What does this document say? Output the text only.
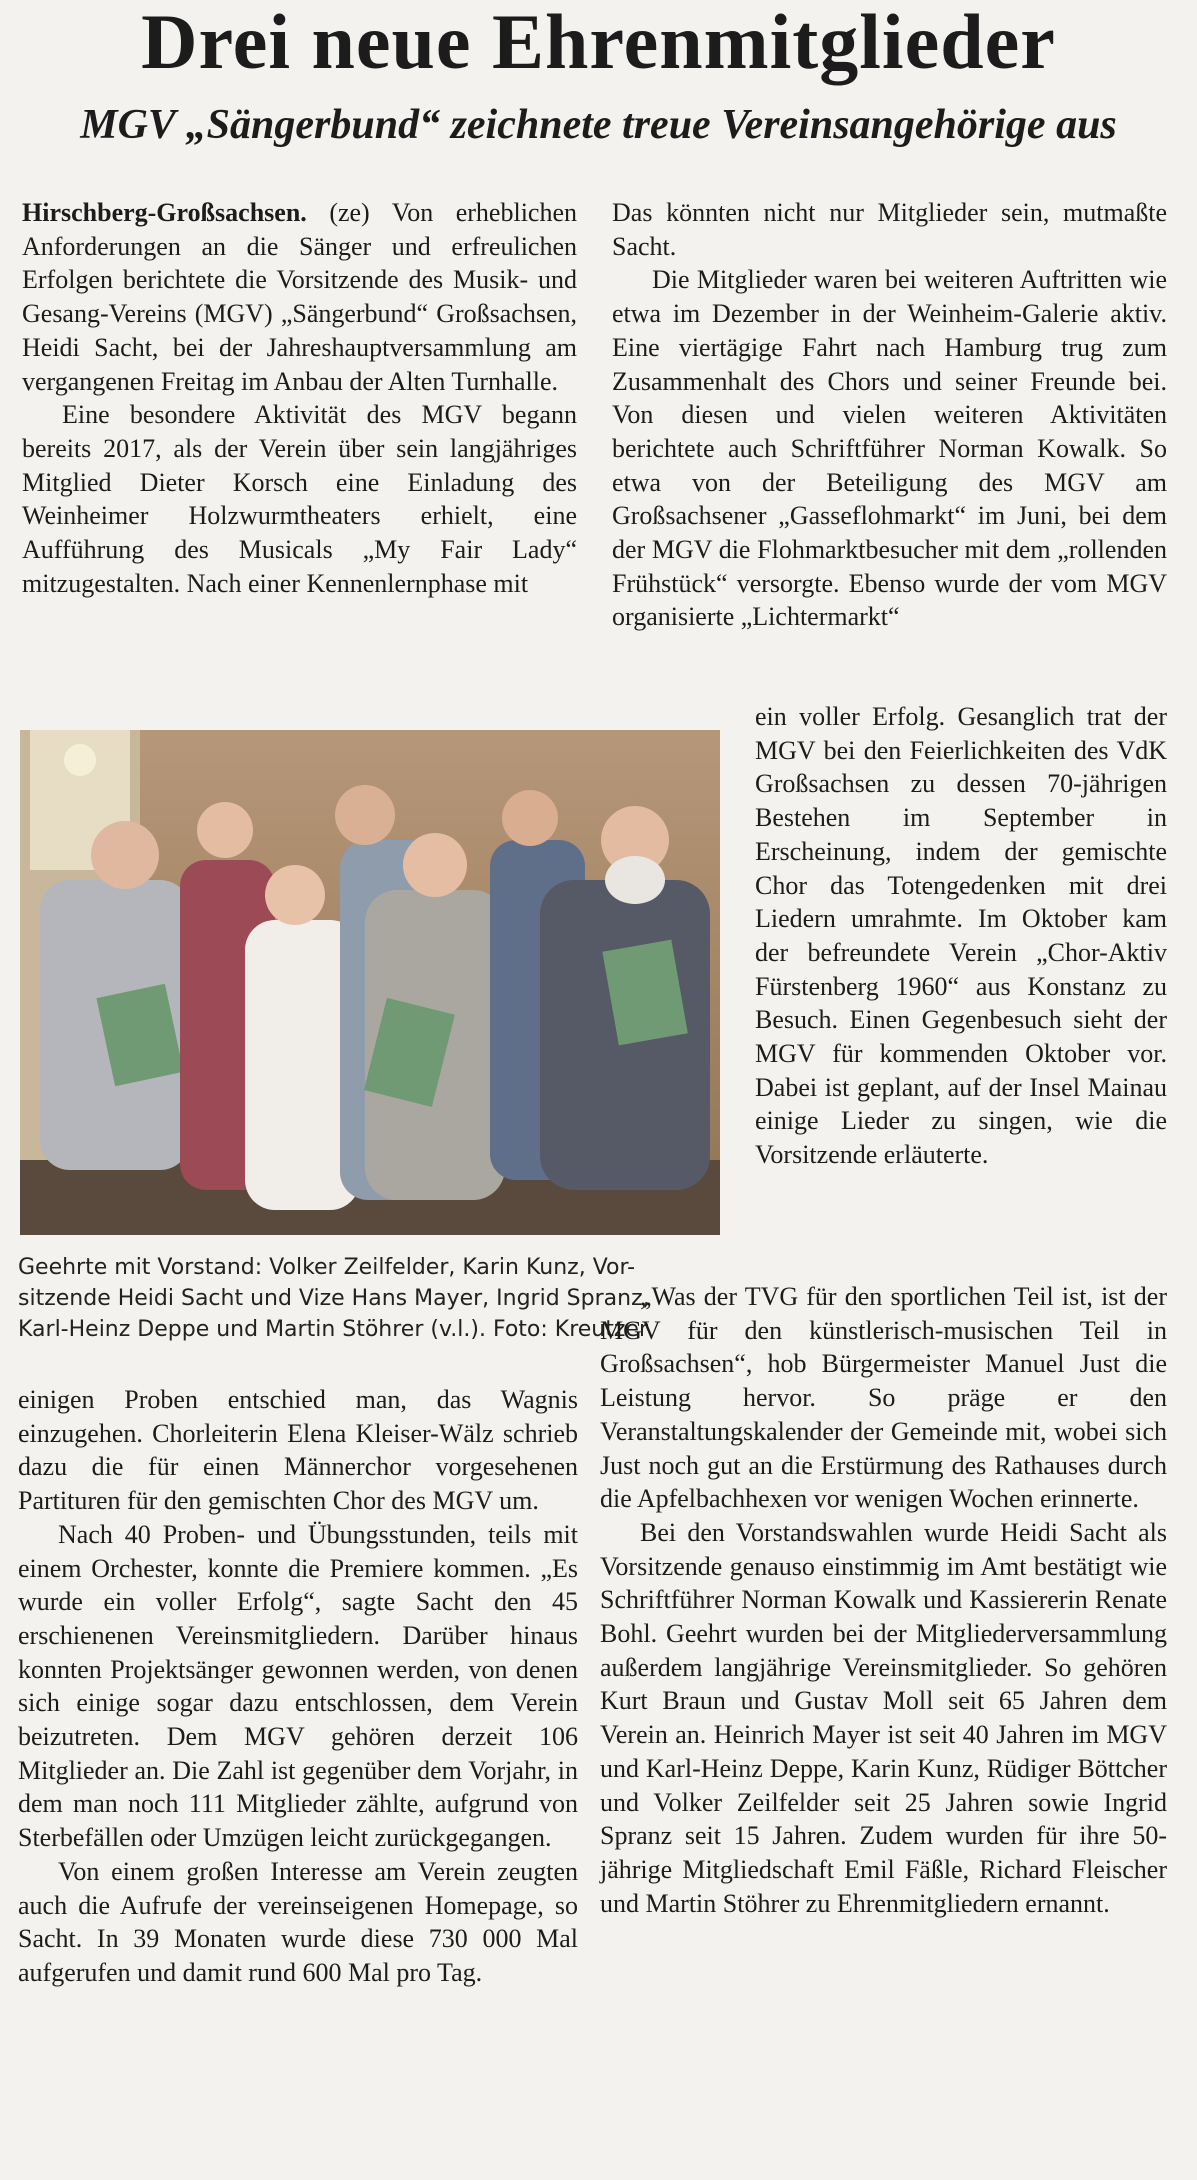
Drei neue Ehrenmitglieder
MGV „Sängerbund“ zeichnete treue Vereinsangehörige aus

Hirschberg-Großsachsen. (ze) Von erheblichen Anforderungen an die Sänger und erfreulichen Erfolgen berichtete die Vorsitzende des Musik- und Gesang-Vereins (MGV) „Sängerbund“ Großsachsen, Heidi Sacht, bei der Jahreshauptversammlung am vergangenen Freitag im Anbau der Alten Turnhalle.

Eine besondere Aktivität des MGV begann bereits 2017, als der Verein über sein langjähriges Mitglied Dieter Korsch eine Einladung des Weinheimer Holzwurmtheaters erhielt, eine Aufführung des Musicals „My Fair Lady“ mitzugestalten. Nach einer Kennenlernphase mit

Geehrte mit Vorstand: Volker Zeilfelder, Karin Kunz, Vor-
sitzende Heidi Sacht und Vize Hans Mayer, Ingrid Spranz,
Karl-Heinz Deppe und Martin Stöhrer (v.l.). Foto: Kreutzer

einigen Proben entschied man, das Wagnis einzugehen. Chorleiterin Elena Kleiser-Wälz schrieb dazu die für einen Männerchor vorgesehenen Partituren für den gemischten Chor des MGV um.

Nach 40 Proben- und Übungsstunden, teils mit einem Orchester, konnte die Premiere kommen. „Es wurde ein voller Erfolg“, sagte Sacht den 45 erschienenen Vereinsmitgliedern. Darüber hinaus konnten Projektsänger gewonnen werden, von denen sich einige sogar dazu entschlossen, dem Verein beizutreten. Dem MGV gehören derzeit 106 Mitglieder an. Die Zahl ist gegenüber dem Vorjahr, in dem man noch 111 Mitglieder zählte, aufgrund von Sterbefällen oder Umzügen leicht zurückgegangen.

Von einem großen Interesse am Verein zeugten auch die Aufrufe der vereinseigenen Homepage, so Sacht. In 39 Monaten wurde diese 730 000 Mal aufgerufen und damit rund 600 Mal pro Tag.

Das könnten nicht nur Mitglieder sein, mutmaßte Sacht.

Die Mitglieder waren bei weiteren Auftritten wie etwa im Dezember in der Weinheim-Galerie aktiv. Eine viertägige Fahrt nach Hamburg trug zum Zusammenhalt des Chors und seiner Freunde bei. Von diesen und vielen weiteren Aktivitäten berichtete auch Schriftführer Norman Kowalk. So etwa von der Beteiligung des MGV am Großsachsener „Gasseflohmarkt“ im Juni, bei dem der MGV die Flohmarktbesucher mit dem „rollenden Frühstück“ versorgte. Ebenso wurde der vom MGV organisierte „Lichtermarkt“

ein voller Erfolg. Gesanglich trat der MGV bei den Feierlichkeiten des VdK Großsachsen zu dessen 70-jährigen Bestehen im September in Erscheinung, indem der gemischte Chor das Totengedenken mit drei Liedern umrahmte. Im Oktober kam der befreundete Verein „Chor-Aktiv Fürstenberg 1960“ aus Konstanz zu Besuch. Einen Gegenbesuch sieht der MGV für kommenden Oktober vor. Dabei ist geplant, auf der Insel Mainau einige Lieder zu singen, wie die Vorsitzende erläuterte.

„Was der TVG für den sportlichen Teil ist, ist der MGV für den künstlerisch-musischen Teil in Großsachsen“, hob Bürgermeister Manuel Just die Leistung hervor. So präge er den Veranstaltungskalender der Gemeinde mit, wobei sich Just noch gut an die Erstürmung des Rathauses durch die Apfelbachhexen vor wenigen Wochen erinnerte.

Bei den Vorstandswahlen wurde Heidi Sacht als Vorsitzende genauso einstimmig im Amt bestätigt wie Schriftführer Norman Kowalk und Kassiererin Renate Bohl. Geehrt wurden bei der Mitgliederversammlung außerdem langjährige Vereinsmitglieder. So gehören Kurt Braun und Gustav Moll seit 65 Jahren dem Verein an. Heinrich Mayer ist seit 40 Jahren im MGV und Karl-Heinz Deppe, Karin Kunz, Rüdiger Böttcher und Volker Zeilfelder seit 25 Jahren sowie Ingrid Spranz seit 15 Jahren. Zudem wurden für ihre 50-jährige Mitgliedschaft Emil Fäßle, Richard Fleischer und Martin Stöhrer zu Ehrenmitgliedern ernannt.
